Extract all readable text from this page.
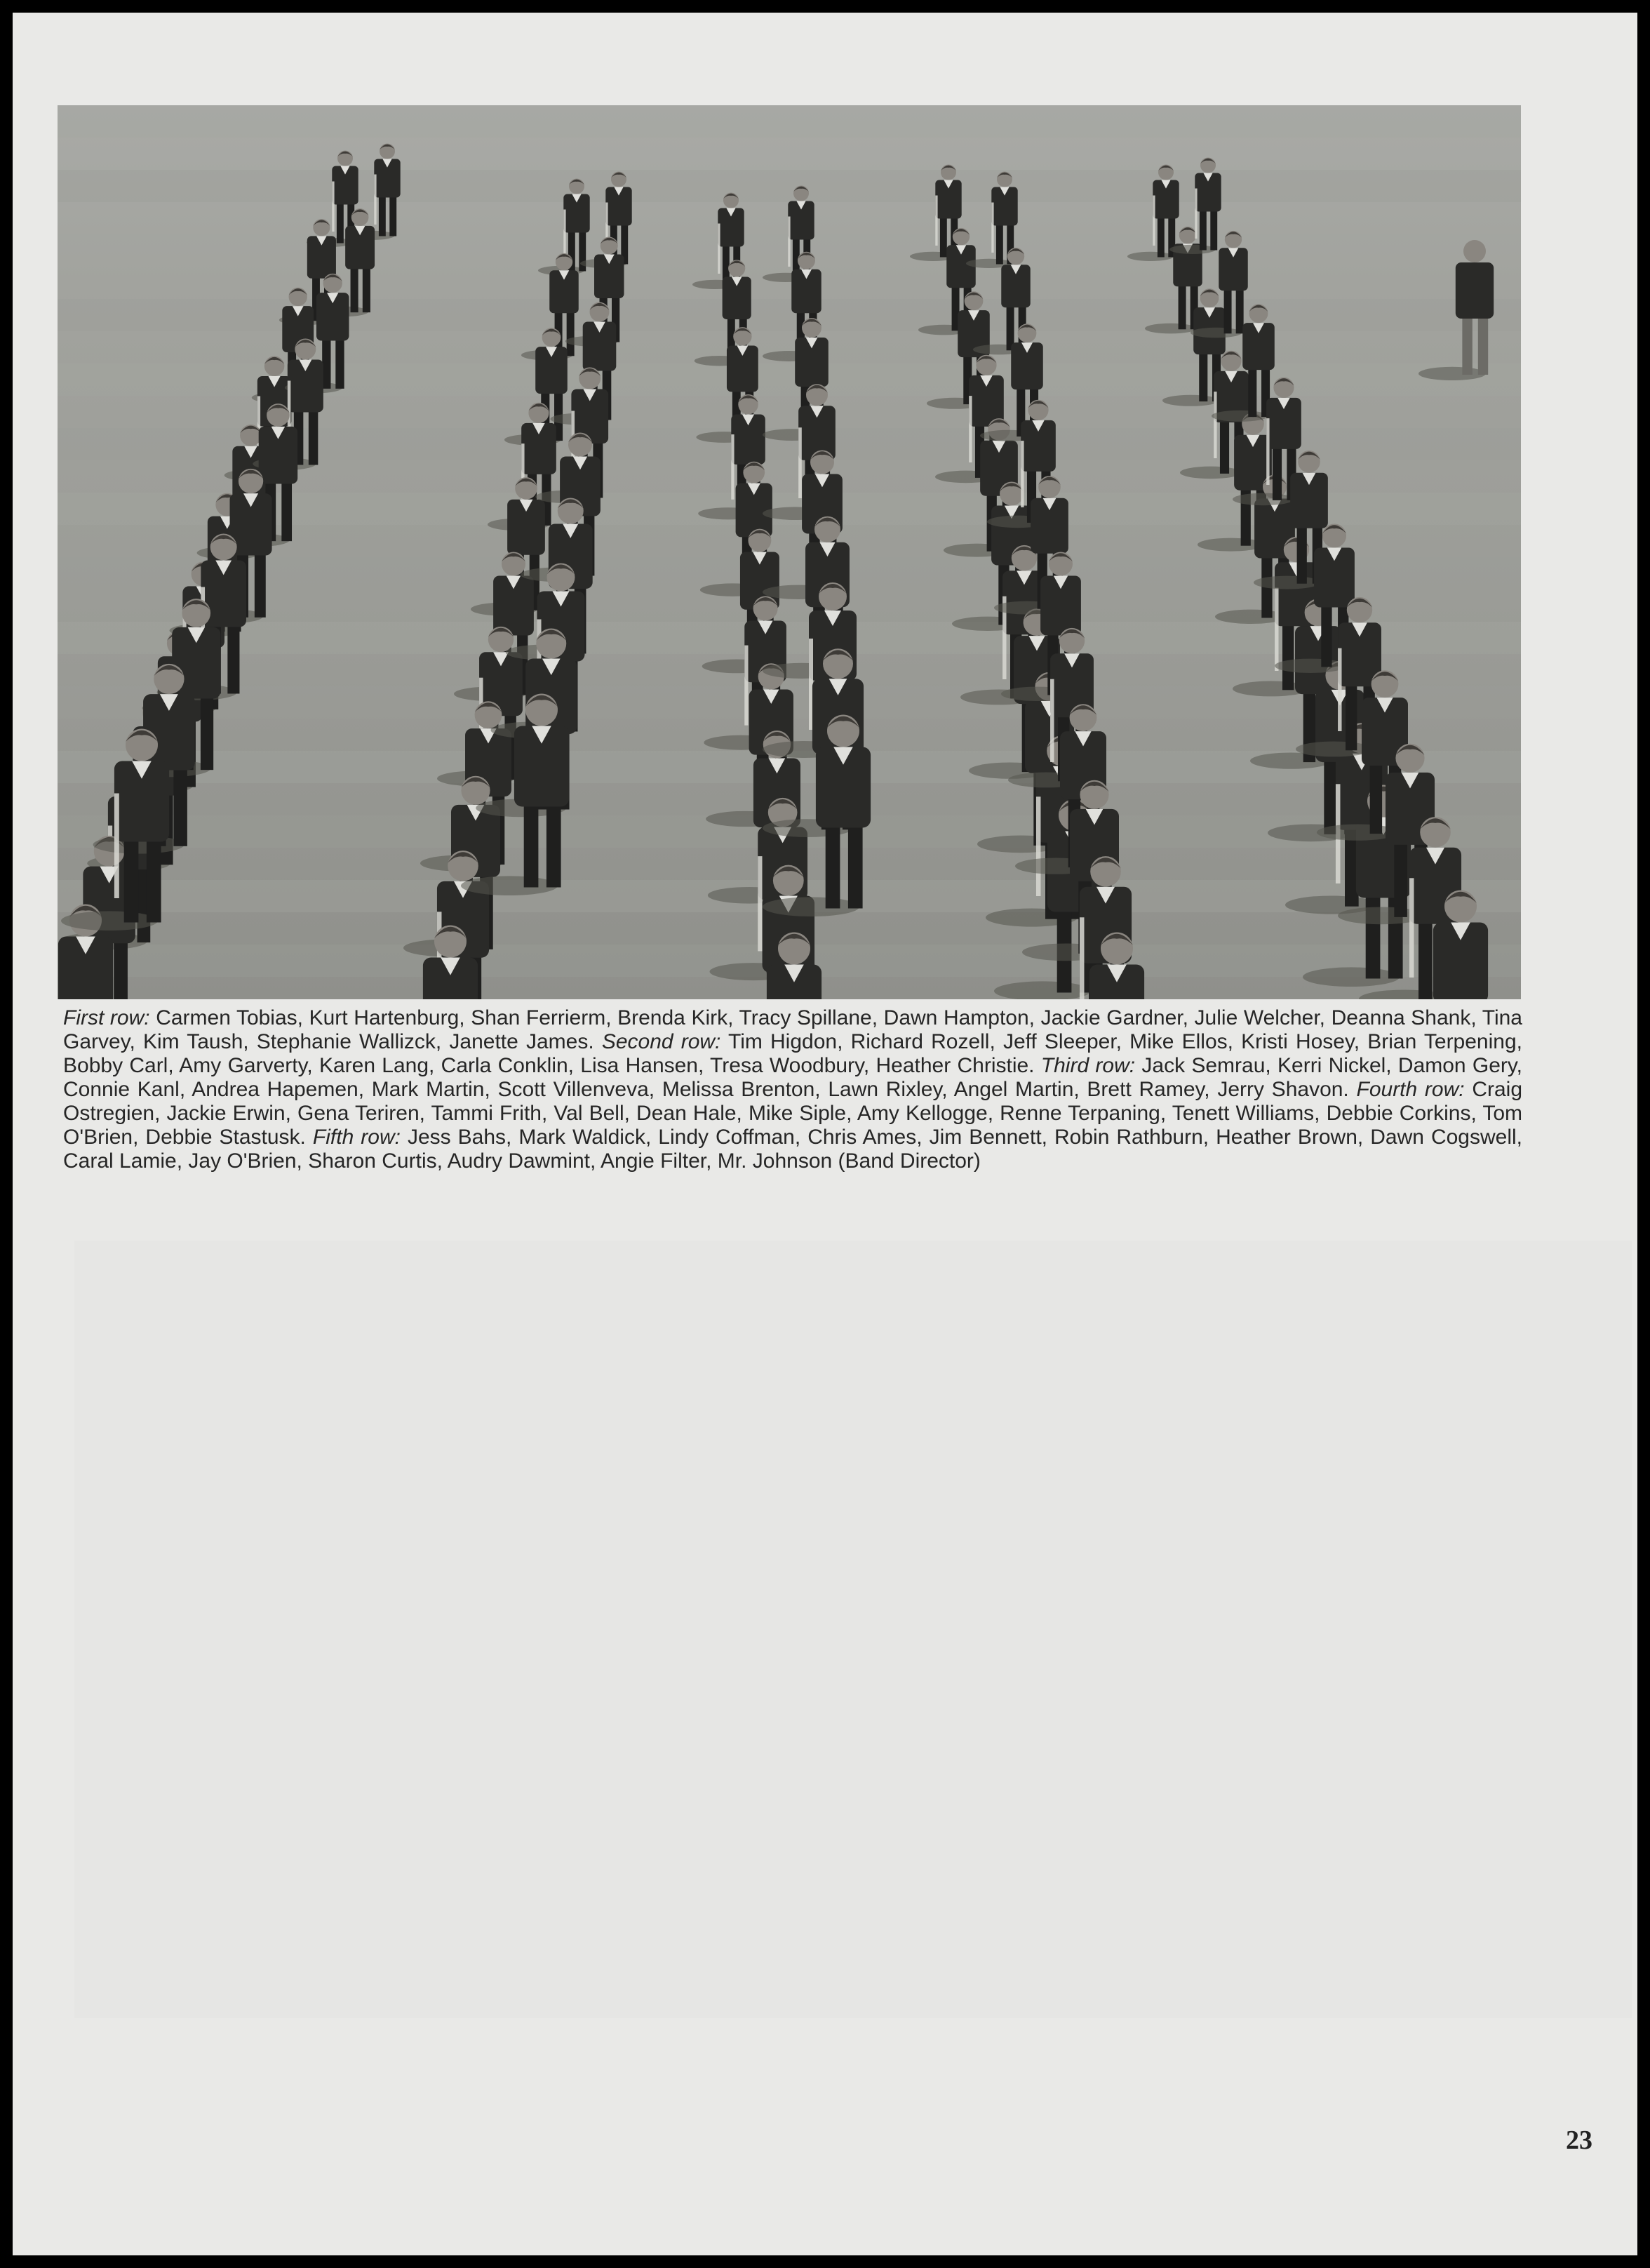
First row: Carmen Tobias, Kurt Hartenburg, Shan Ferrierm, Brenda Kirk, Tracy Spillane, Dawn Hampton, Jackie Gardner, Julie Welcher, Deanna Shank, Tina Garvey, Kim Taush, Stephanie Wallizck, Janette James. Second row: Tim Higdon, Richard Rozell, Jeff Sleeper, Mike Ellos, Kristi Hosey, Brian Terpening, Bobby Carl, Amy Garverty, Karen Lang, Carla Conklin, Lisa Hansen, Tresa Woodbury, Heather Christie. Third row: Jack Semrau, Kerri Nickel, Damon Gery, Connie Kanl, Andrea Hapemen, Mark Martin, Scott Villenveva, Melissa Brenton, Lawn Rixley, Angel Martin, Brett Ramey, Jerry Shavon. Fourth row: Craig Ostregien, Jackie Erwin, Gena Teriren, Tammi Frith, Val Bell, Dean Hale, Mike Siple, Amy Kellogge, Renne Terpaning, Tenett Williams, Debbie Corkins, Tom O'Brien, Debbie Stastusk. Fifth row: Jess Bahs, Mark Waldick, Lindy Coffman, Chris Ames, Jim Bennett, Robin Rathburn, Heather Brown, Dawn Cogswell, Caral Lamie, Jay O'Brien, Sharon Curtis, Audry Dawmint, Angie Filter, Mr. Johnson (Band Director)

23
